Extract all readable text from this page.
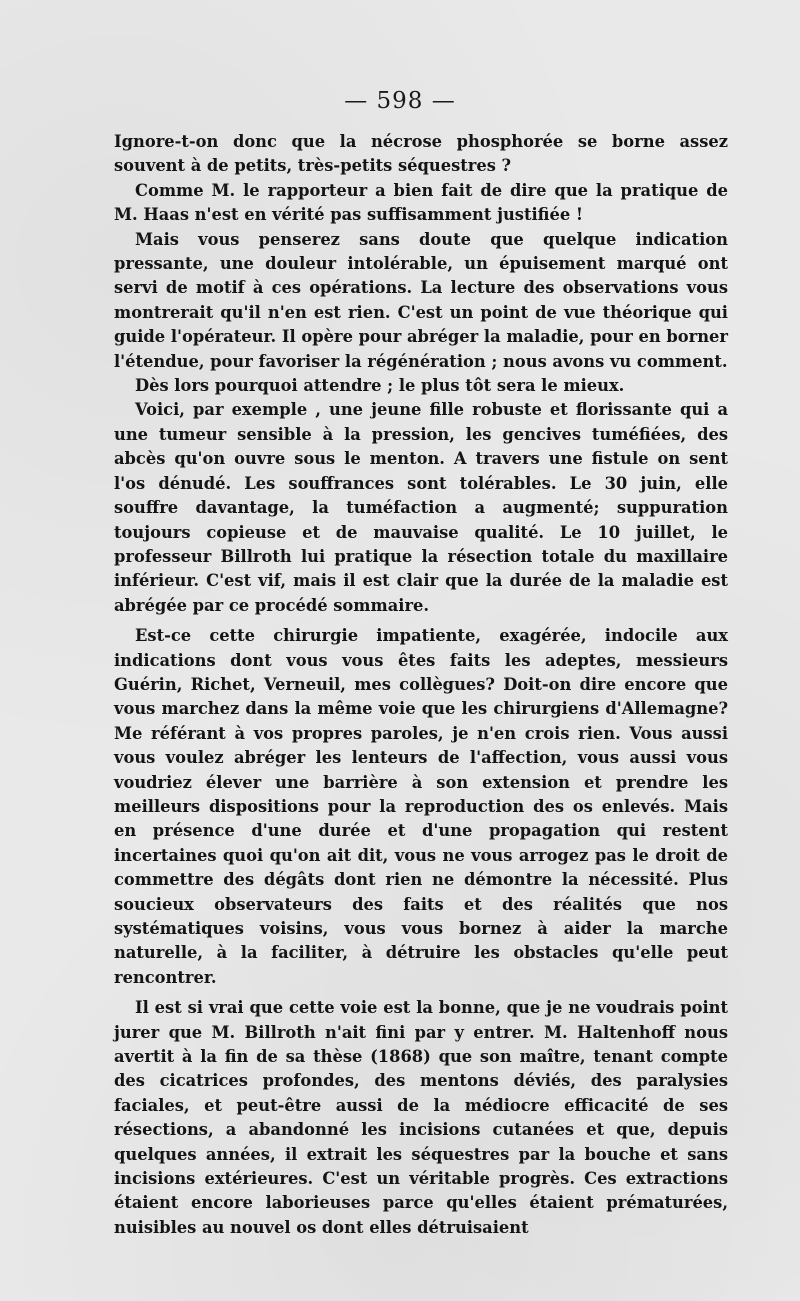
— 598 —

Ignore-t-on donc que la nécrose phosphorée se borne assez souvent à de petits, très-petits séquestres ?

Comme M. le rapporteur a bien fait de dire que la pratique de M. Haas n'est en vérité pas suffisamment justifiée !

Mais vous penserez sans doute que quelque indication pressante, une douleur intolérable, un épuisement marqué ont servi de motif à ces opérations. La lecture des observations vous montrerait qu'il n'en est rien. C'est un point de vue théorique qui guide l'opérateur. Il opère pour abréger la maladie, pour en borner l'étendue, pour favoriser la régénération ; nous avons vu comment.

Dès lors pourquoi attendre ; le plus tôt sera le mieux.

Voici, par exemple , une jeune fille robuste et florissante qui a une tumeur sensible à la pression, les gencives tuméfiées, des abcès qu'on ouvre sous le menton. A travers une fistule on sent l'os dénudé. Les souffrances sont tolérables. Le 30 juin, elle souffre davantage, la tuméfaction a augmenté; suppuration toujours copieuse et de mauvaise qualité. Le 10 juillet, le professeur Billroth lui pratique la résection totale du maxillaire inférieur. C'est vif, mais il est clair que la durée de la maladie est abrégée par ce procédé sommaire.

Est-ce cette chirurgie impatiente, exagérée, indocile aux indications dont vous vous êtes faits les adeptes, messieurs Guérin, Richet, Verneuil, mes collègues? Doit-on dire encore que vous marchez dans la même voie que les chirurgiens d'Allemagne? Me référant à vos propres paroles, je n'en crois rien. Vous aussi vous voulez abréger les lenteurs de l'affection, vous aussi vous voudriez élever une barrière à son extension et prendre les meilleurs dispositions pour la reproduction des os enlevés. Mais en présence d'une durée et d'une propagation qui restent incertaines quoi qu'on ait dit, vous ne vous arrogez pas le droit de commettre des dégâts dont rien ne démontre la nécessité. Plus soucieux observateurs des faits et des réalités que nos systématiques voisins, vous vous bornez à aider la marche naturelle, à la faciliter, à détruire les obstacles qu'elle peut rencontrer.

Il est si vrai que cette voie est la bonne, que je ne voudrais point jurer que M. Billroth n'ait fini par y entrer. M. Haltenhoff nous avertit à la fin de sa thèse (1868) que son maître, tenant compte des cicatrices profondes, des mentons déviés, des paralysies faciales, et peut-être aussi de la médiocre efficacité de ses résections, a abandonné les incisions cutanées et que, depuis quelques années, il extrait les séquestres par la bouche et sans incisions extérieures. C'est un véritable progrès. Ces extractions étaient encore laborieuses parce qu'elles étaient prématurées, nuisibles au nouvel os dont elles détruisaient
